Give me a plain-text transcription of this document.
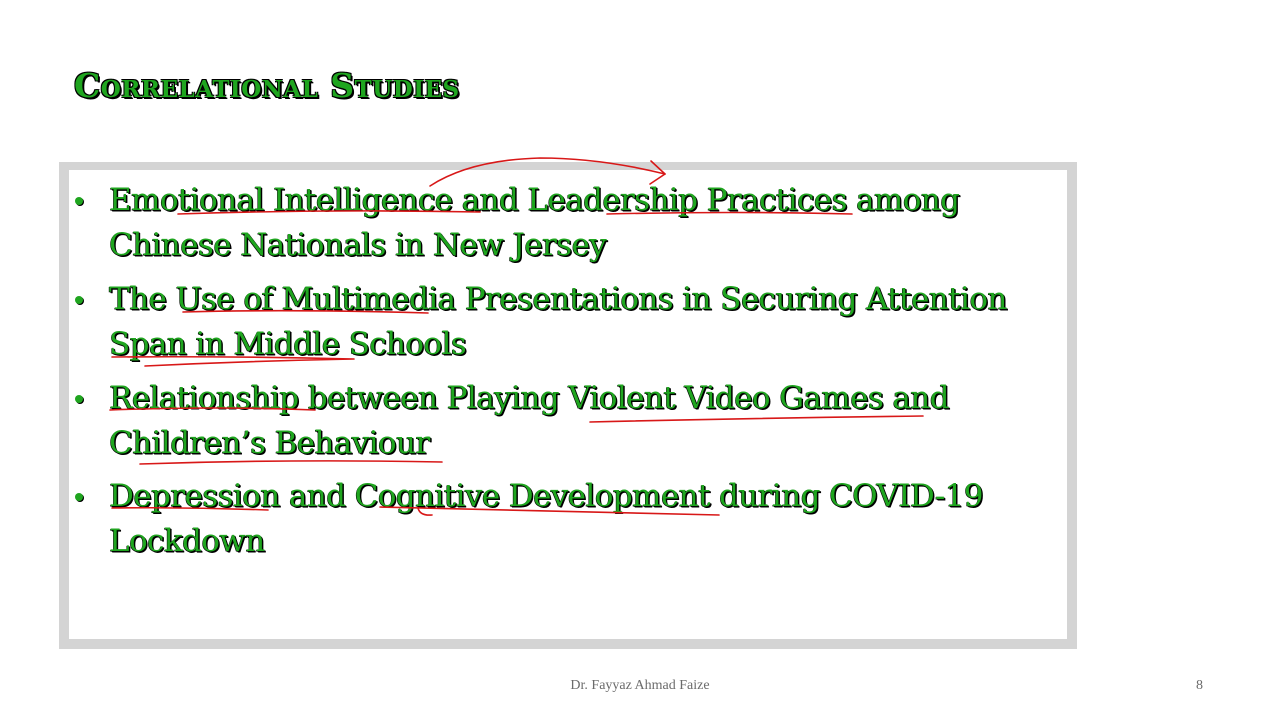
Correlational Studies
Emotional Intelligence and Leadership Practices among Chinese Nationals in New Jersey
The Use of Multimedia Presentations in Securing Attention Span in Middle Schools
Relationship between Playing Violent Video Games and Children’s Behaviour
Depression and Cognitive Development during COVID-19 Lockdown
Dr. Fayyaz Ahmad Faize	8
